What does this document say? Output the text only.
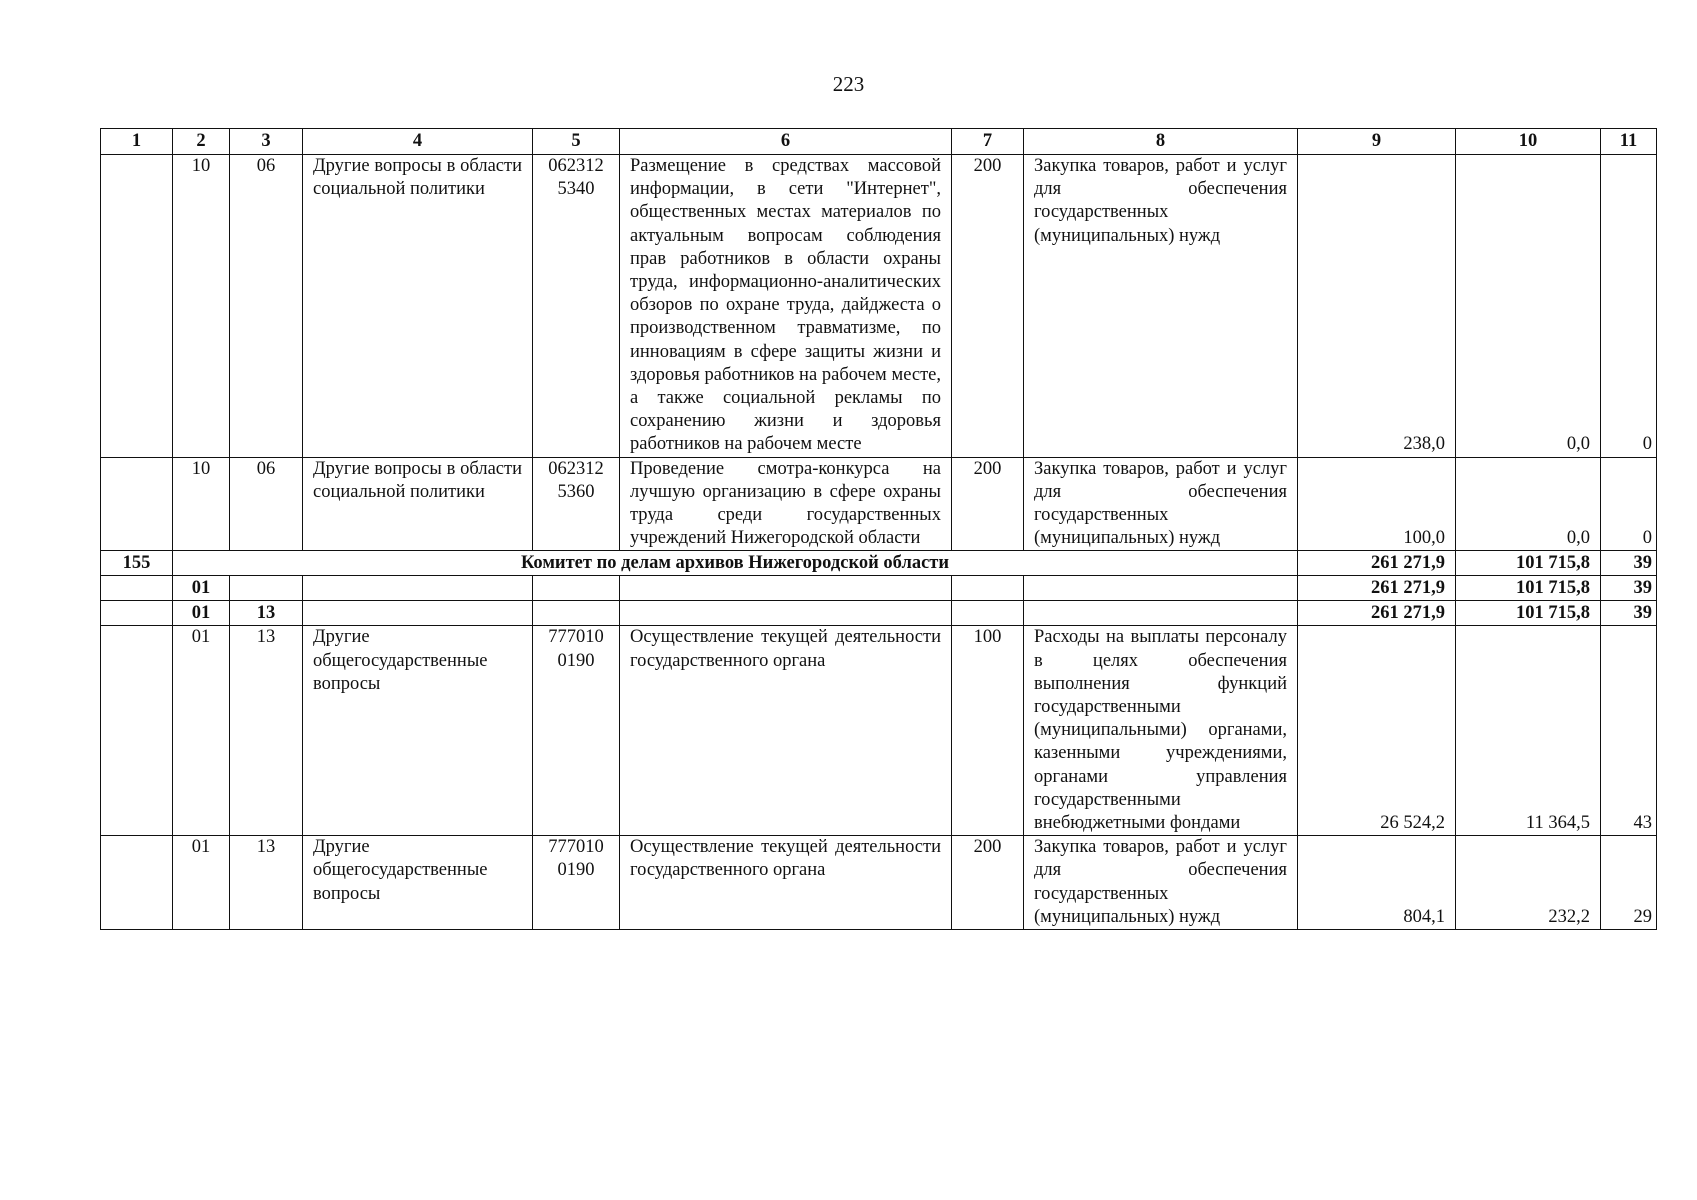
223
1	2	3	4	5	6	7	8	9	10	11
	10	06	Другие вопросы в области социальной политики	062312 5340	Размещение в средствах массовой информации, в сети "Интернет", общественных местах материалов по актуальным вопросам соблюдения прав работников в области охраны труда, информационно-аналитических обзоров по охране труда, дайджеста о производственном травматизме, по инновациям в сфере защиты жизни и здоровья работников на рабочем месте, а также социальной рекламы по сохранению жизни и здоровья работников на рабочем месте	200	Закупка товаров, работ и услуг для обеспечения государственных (муниципальных) нужд	238,0	0,0	0
	10	06	Другие вопросы в области социальной политики	062312 5360	Проведение смотра-конкурса на лучшую организацию в сфере охраны труда среди государственных учреждений Нижегородской области	200	Закупка товаров, работ и услуг для обеспечения государственных (муниципальных) нужд	100,0	0,0	0
155	Комитет по делам архивов Нижегородской области							261 271,9	101 715,8	39
	01							261 271,9	101 715,8	39
	01	13						261 271,9	101 715,8	39
	01	13	Другие общегосударственные вопросы	777010 0190	Осуществление текущей деятельности государственного органа	100	Расходы на выплаты персоналу в целях обеспечения выполнения функций государственными (муниципальными) органами, казенными учреждениями, органами управления государственными внебюджетными фондами	26 524,2	11 364,5	43
	01	13	Другие общегосударственные вопросы	777010 0190	Осуществление текущей деятельности государственного органа	200	Закупка товаров, работ и услуг для обеспечения государственных (муниципальных) нужд	804,1	232,2	29
